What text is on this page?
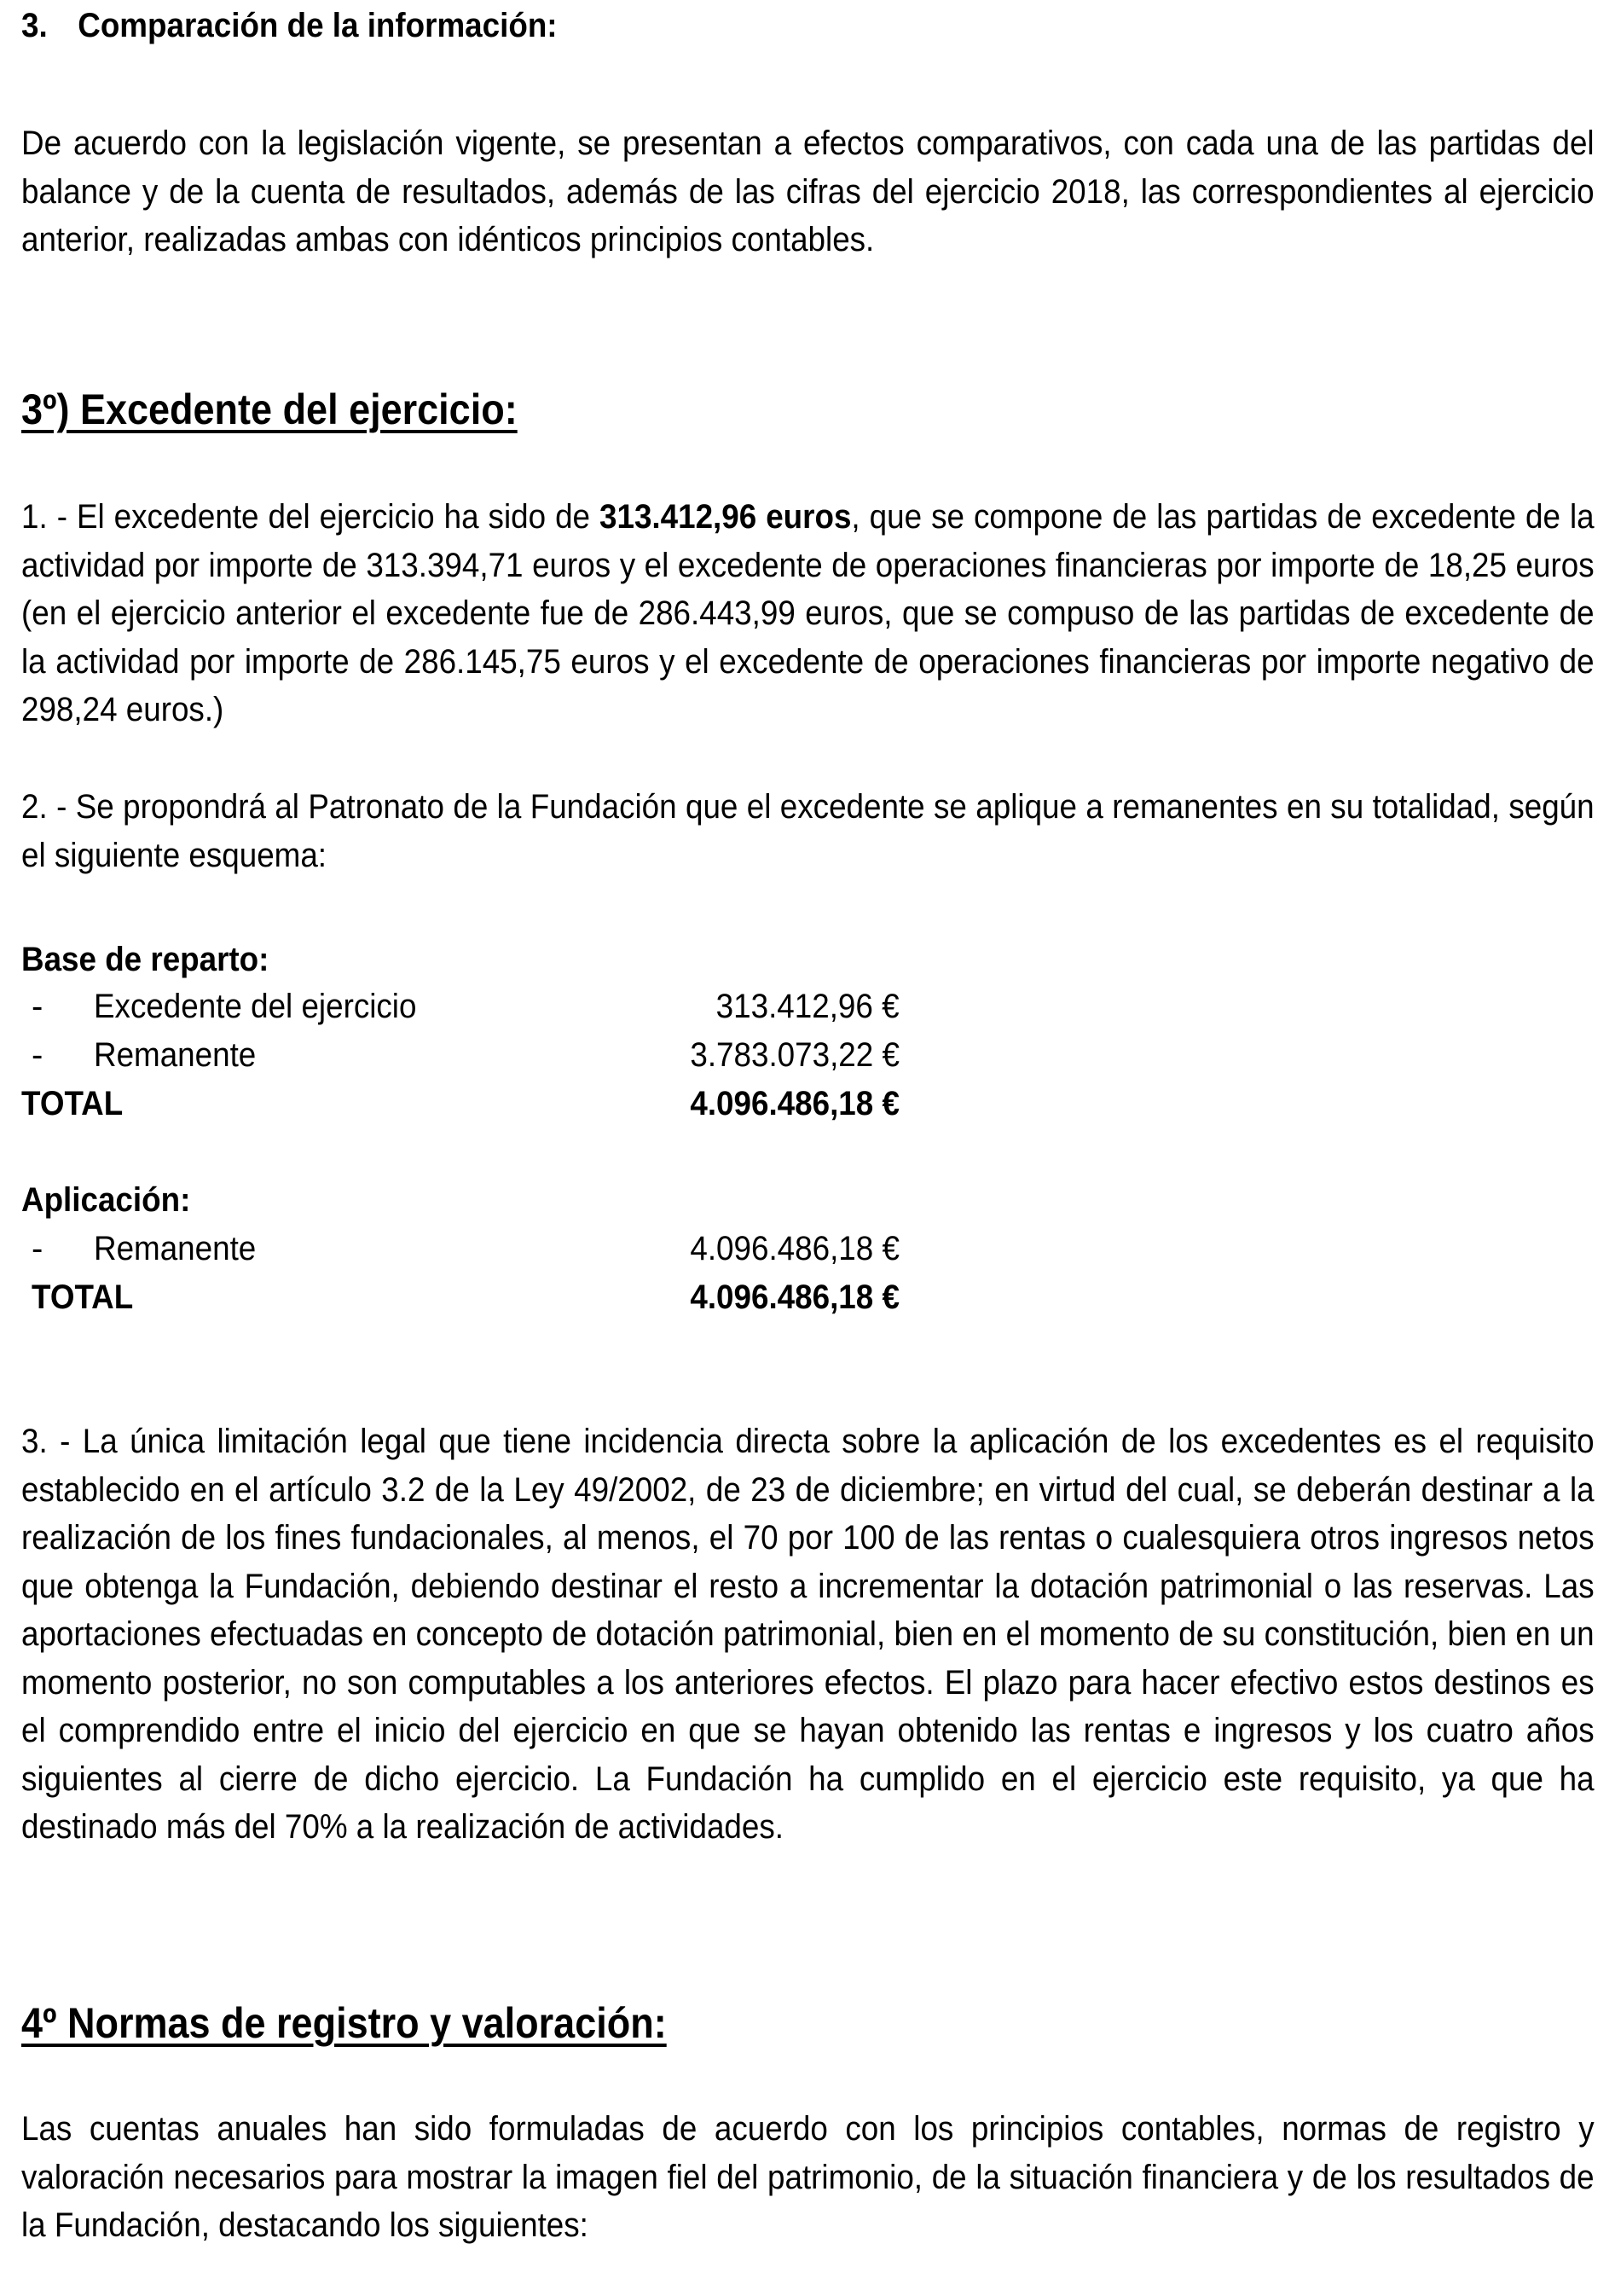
3. Comparación de la información:
De acuerdo con la legislación vigente, se presentan a efectos comparativos, con cada una de las partidas del balance y de la cuenta de resultados, además de las cifras del ejercicio 2018, las correspondientes al ejercicio anterior, realizadas ambas con idénticos principios contables.
3º) Excedente del ejercicio:
1. - El excedente del ejercicio ha sido de 313.412,96 euros, que se compone de las partidas de excedente de la actividad por importe de 313.394,71 euros y el excedente de operaciones financieras por importe de 18,25 euros (en el ejercicio anterior el excedente fue de 286.443,99 euros, que se compuso de las partidas de excedente de la actividad por importe de 286.145,75 euros y el excedente de operaciones financieras por importe negativo de 298,24 euros.)
2. - Se propondrá al Patronato de la Fundación que el excedente se aplique a remanentes en su totalidad, según el siguiente esquema:
Base de reparto:
- Excedente del ejercicio	313.412,96 €
- Remanente	3.783.073,22 €
TOTAL	4.096.486,18 €
Aplicación:
- Remanente	4.096.486,18 €
TOTAL	4.096.486,18 €
3. - La única limitación legal que tiene incidencia directa sobre la aplicación de los excedentes es el requisito establecido en el artículo 3.2 de la Ley 49/2002, de 23 de diciembre; en virtud del cual, se deberán destinar a la realización de los fines fundacionales, al menos, el 70 por 100 de las rentas o cualesquiera otros ingresos netos que obtenga la Fundación, debiendo destinar el resto a incrementar la dotación patrimonial o las reservas. Las aportaciones efectuadas en concepto de dotación patrimonial, bien en el momento de su constitución, bien en un momento posterior, no son computables a los anteriores efectos. El plazo para hacer efectivo estos destinos es el comprendido entre el inicio del ejercicio en que se hayan obtenido las rentas e ingresos y los cuatro años siguientes al cierre de dicho ejercicio. La Fundación ha cumplido en el ejercicio este requisito, ya que ha destinado más del 70% a la realización de actividades.
4º Normas de registro y valoración:
Las cuentas anuales han sido formuladas de acuerdo con los principios contables, normas de registro y valoración necesarios para mostrar la imagen fiel del patrimonio, de la situación financiera y de los resultados de la Fundación, destacando los siguientes:
